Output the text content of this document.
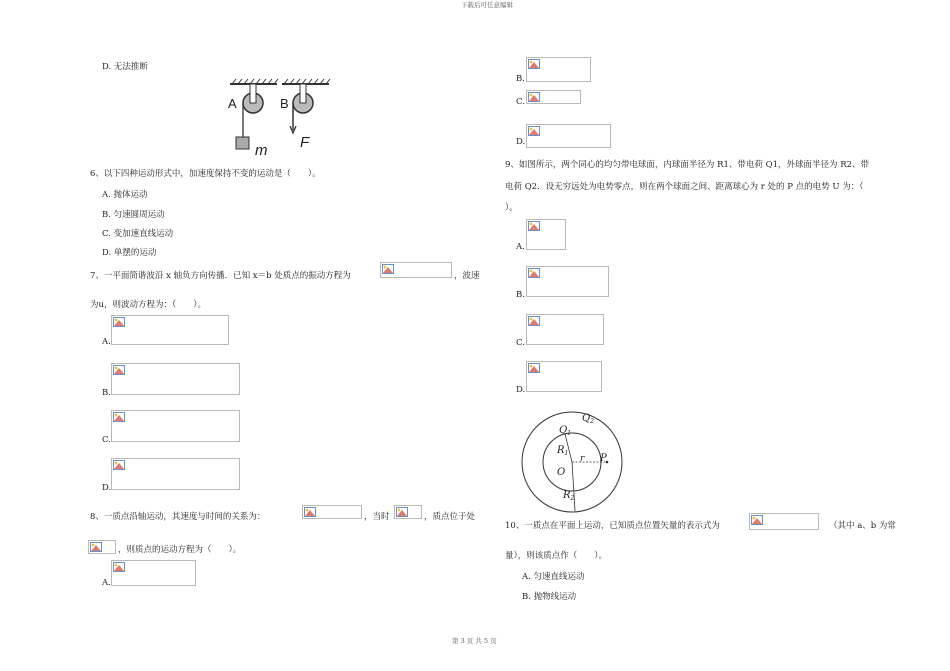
下载后可任意编辑
第 3 页 共 5 页
D. 无法推断
A	B
m F
6、以下四种运动形式中，加速度保持不变的运动是（　　）。
A. 抛体运动
B. 匀速圆周运动
C. 变加速直线运动
D. 单摆的运动
7、一平面简谐波沿 x 轴负方向传播．已知 x＝b 处质点的振动方程为	，波速
为u，则波动方程为：（　　）。
A.
B.
C.
D.
8、一质点沿轴运动，其速度与时间的关系为：	，当时	，质点位于处
，则质点的运动方程为（　　）。
A.
B.
C.
D.
9、如图所示，两个同心的均匀带电球面，内球面半径为 R1、带电荷 Q1，外球面半径为 R2、带
电荷 Q2．设无穷远处为电势零点，则在两个球面之间、距离球心为 r 处的 P 点的电势 U 为：（
）。
A.
B.
C.
D.
$Q_2$
$Q_1$
$R_1$
O
r P
$R_2$
10、一质点在平面上运动，已知质点位置矢量的表示式为	（其中 a、b 为常
量），则该质点作（　　）。
A. 匀速直线运动
B. 抛物线运动
